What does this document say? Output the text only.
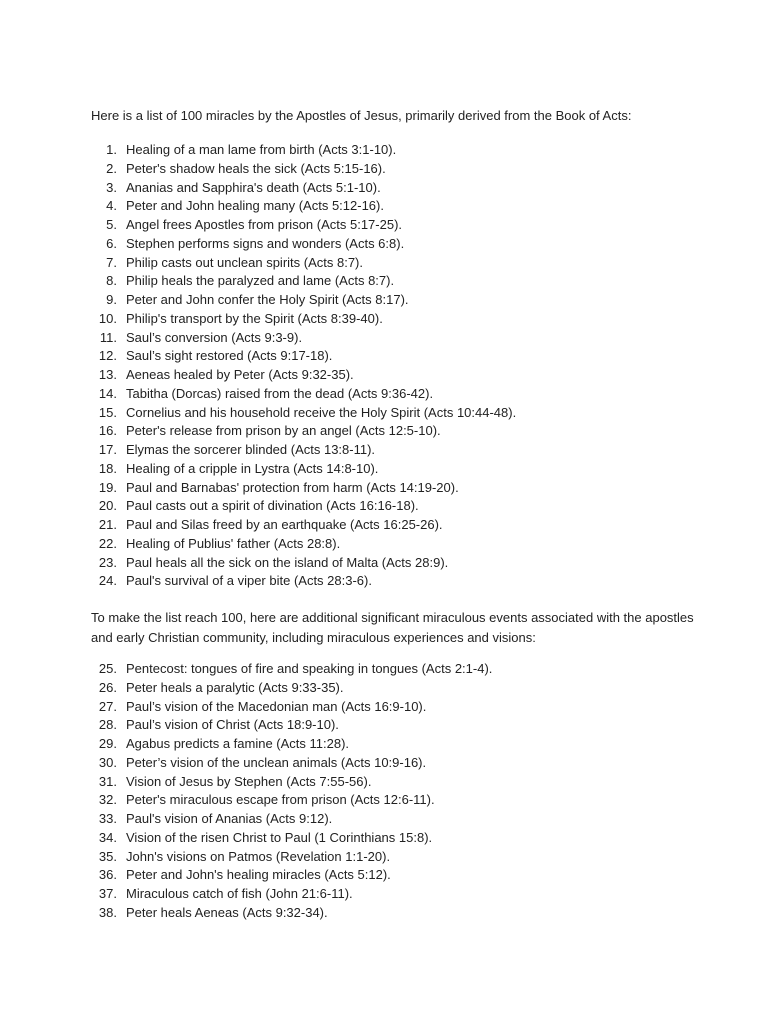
Here is a list of 100 miracles by the Apostles of Jesus, primarily derived from the Book of Acts:

1. Healing of a man lame from birth (Acts 3:1-10).
2. Peter's shadow heals the sick (Acts 5:15-16).
3. Ananias and Sapphira's death (Acts 5:1-10).
4. Peter and John healing many (Acts 5:12-16).
5. Angel frees Apostles from prison (Acts 5:17-25).
6. Stephen performs signs and wonders (Acts 6:8).
7. Philip casts out unclean spirits (Acts 8:7).
8. Philip heals the paralyzed and lame (Acts 8:7).
9. Peter and John confer the Holy Spirit (Acts 8:17).
10. Philip's transport by the Spirit (Acts 8:39-40).
11. Saul’s conversion (Acts 9:3-9).
12. Saul’s sight restored (Acts 9:17-18).
13. Aeneas healed by Peter (Acts 9:32-35).
14. Tabitha (Dorcas) raised from the dead (Acts 9:36-42).
15. Cornelius and his household receive the Holy Spirit (Acts 10:44-48).
16. Peter's release from prison by an angel (Acts 12:5-10).
17. Elymas the sorcerer blinded (Acts 13:8-11).
18. Healing of a cripple in Lystra (Acts 14:8-10).
19. Paul and Barnabas' protection from harm (Acts 14:19-20).
20. Paul casts out a spirit of divination (Acts 16:16-18).
21. Paul and Silas freed by an earthquake (Acts 16:25-26).
22. Healing of Publius' father (Acts 28:8).
23. Paul heals all the sick on the island of Malta (Acts 28:9).
24. Paul's survival of a viper bite (Acts 28:3-6).

To make the list reach 100, here are additional significant miraculous events associated with the apostles and early Christian community, including miraculous experiences and visions:

25. Pentecost: tongues of fire and speaking in tongues (Acts 2:1-4).
26. Peter heals a paralytic (Acts 9:33-35).
27. Paul’s vision of the Macedonian man (Acts 16:9-10).
28. Paul’s vision of Christ (Acts 18:9-10).
29. Agabus predicts a famine (Acts 11:28).
30. Peter’s vision of the unclean animals (Acts 10:9-16).
31. Vision of Jesus by Stephen (Acts 7:55-56).
32. Peter's miraculous escape from prison (Acts 12:6-11).
33. Paul's vision of Ananias (Acts 9:12).
34. Vision of the risen Christ to Paul (1 Corinthians 15:8).
35. John's visions on Patmos (Revelation 1:1-20).
36. Peter and John's healing miracles (Acts 5:12).
37. Miraculous catch of fish (John 21:6-11).
38. Peter heals Aeneas (Acts 9:32-34).
